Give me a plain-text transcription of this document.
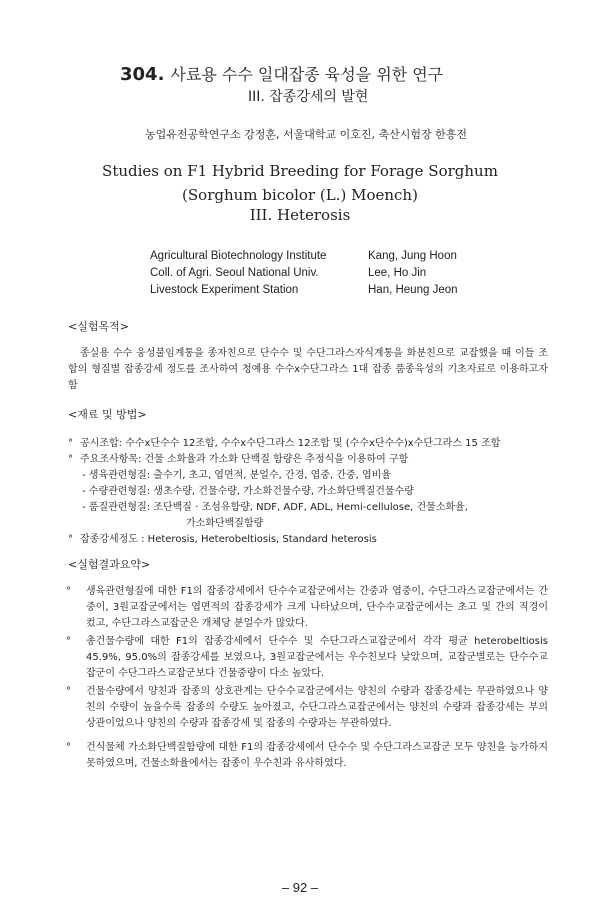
304. 사료용 수수 일대잡종 육성을 위한 연구
III. 잡종강세의 발현
농업유전공학연구소 강정훈, 서울대학교 이호진, 축산시험장 한흥전
Studies on F1 Hybrid Breeding for Forage Sorghum
(Sorghum bicolor (L.) Moench)
III. Heterosis
Agricultural Biotechnology Institute	Kang, Jung Hoon
Coll. of Agri. Seoul National Univ.	Lee, Ho Jin
Livestock Experiment Station	Han, Heung Jeon
<실험목적>
종실용 수수 웅성불임계통을 종자친으로 단수수 및 수단그라스자식계통을 화분친으로 교잡했을 때 이들 조합의 형질별 잡종강세 정도를 조사하여 청예용 수수x수단그라스 1대 잡종 품종육성의 기초자료로 이용하고자 함
<재료 및 방법>
° 공시조합: 수수x단수수 12조합, 수수x수단그라스 12조합 및 (수수x단수수)x수단그라스 15 조합
° 주요조사항목: 건물 소화율과 가소화 단백질 함량은 추정식을 이용하여 구함
- 생육관련형질: 출수기, 초고, 엽면적, 분얼수, 간경, 엽중, 간중, 엽비율
- 수량관련형질: 생초수량, 건물수량, 가소화건물수량, 가소화단백질건물수량
- 품질관련형질: 조단백질 · 조섬유함량, NDF, ADF, ADL, Hemi-cellulose, 건물소화율,
가소화단백질함량
° 잡종강세정도 : Heterosis, Heterobeltiosis, Standard heterosis
<실험결과요약>
° 생육관련형질에 대한 F1의 잡종강세에서 단수수교잡군에서는 간중과 엽중이, 수단그라스교잡군에서는 간중이, 3원교잡군에서는 엽면적의 잡종강세가 크게 나타났으며, 단수수교잡군에서는 초고 및 간의 직경이 컸고, 수단그라스교잡군은 개체당 분얼수가 많았다.
° 총건물수량에 대한 F1의 잡종강세에서 단수수 및 수단그라스교잡군에서 각각 평균 heterobeltiosis 45.9%, 95.0%의 잡종강세를 보였으나, 3원교잡군에서는 우수친보다 낮았으며, 교잡군별로는 단수수교잡군이 수단그라스교잡군보다 건물중량이 다소 높았다.
° 건물수량에서 양친과 잡종의 상호관계는 단수수교잡군에서는 양친의 수량과 잡종강세는 무관하였으나 양친의 수량이 높을수록 잡종의 수량도 높아졌고, 수단그라스교잡군에서는 양친의 수량과 잡종강세는 부의 상관이었으나 양친의 수량과 잡종강세 및 잡종의 수량과는 무관하였다.
° 건식물체 가소화단백질함량에 대한 F1의 잡종강세에서 단수수 및 수단그라스교잡군 모두 양친을 능가하지 못하였으며, 건물소화율에서는 잡종이 우수친과 유사하였다.
– 92 –
